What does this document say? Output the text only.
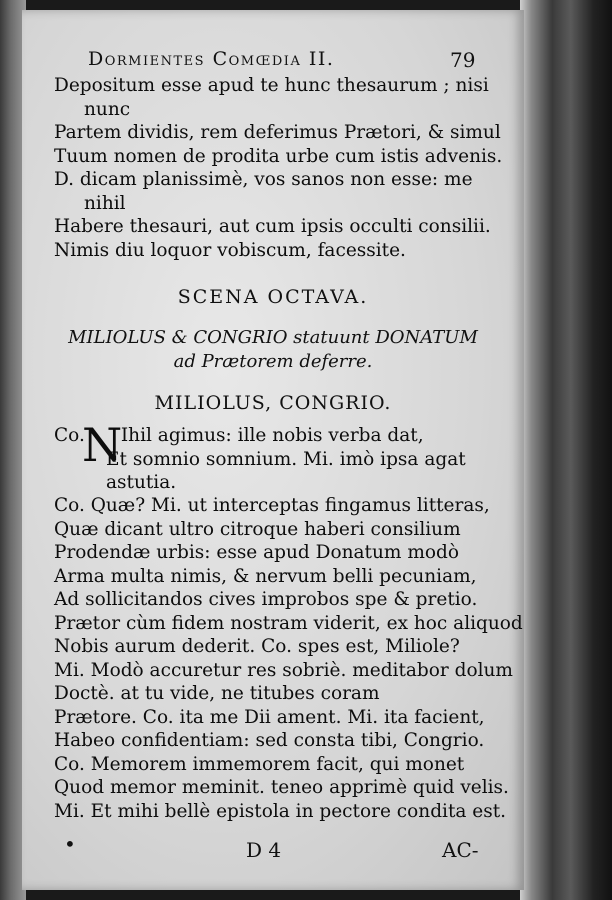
Dormientes Comœdia II.	79
Depositum esse apud te hunc thesaurum ; nisi
nunc
Partem dividis, rem deferimus Prætori, & simul
Tuum nomen de prodita urbe cum istis advenis.
D. dicam planissimè, vos sanos non esse: me
nihil
Habere thesauri, aut cum ipsis occulti consilii.
Nimis diu loquor vobiscum, facessite.
SCENA OCTAVA.
MILIOLUS & CONGRIO statuunt DONATUM
ad Prætorem deferre.
MILIOLUS, CONGRIO.
Co. Ihil agimus: ille nobis verba dat,
Et somnio somnium. Mi. imò ipsa agat
astutia.
N
Co. Quæ? Mi. ut interceptas fingamus litteras,
Quæ dicant ultro citroque haberi consilium
Prodendæ urbis: esse apud Donatum modò
Arma multa nimis, & nervum belli pecuniam,
Ad sollicitandos cives improbos spe & pretio.
Prætor cùm fidem nostram viderit, ex hoc aliquod
Nobis aurum dederit. Co. spes est, Miliole?
Mi. Modò accuretur res sobriè. meditabor dolum
Doctè. at tu vide, ne titubes coram
Prætore. Co. ita me Dii ament. Mi. ita facient,
Habeo confidentiam: sed consta tibi, Congrio.
Co. Memorem immemorem facit, qui monet
Quod memor meminit. teneo apprimè quid velis.
Mi. Et mihi bellè epistola in pectore condita est.
•	D 4	AC-
